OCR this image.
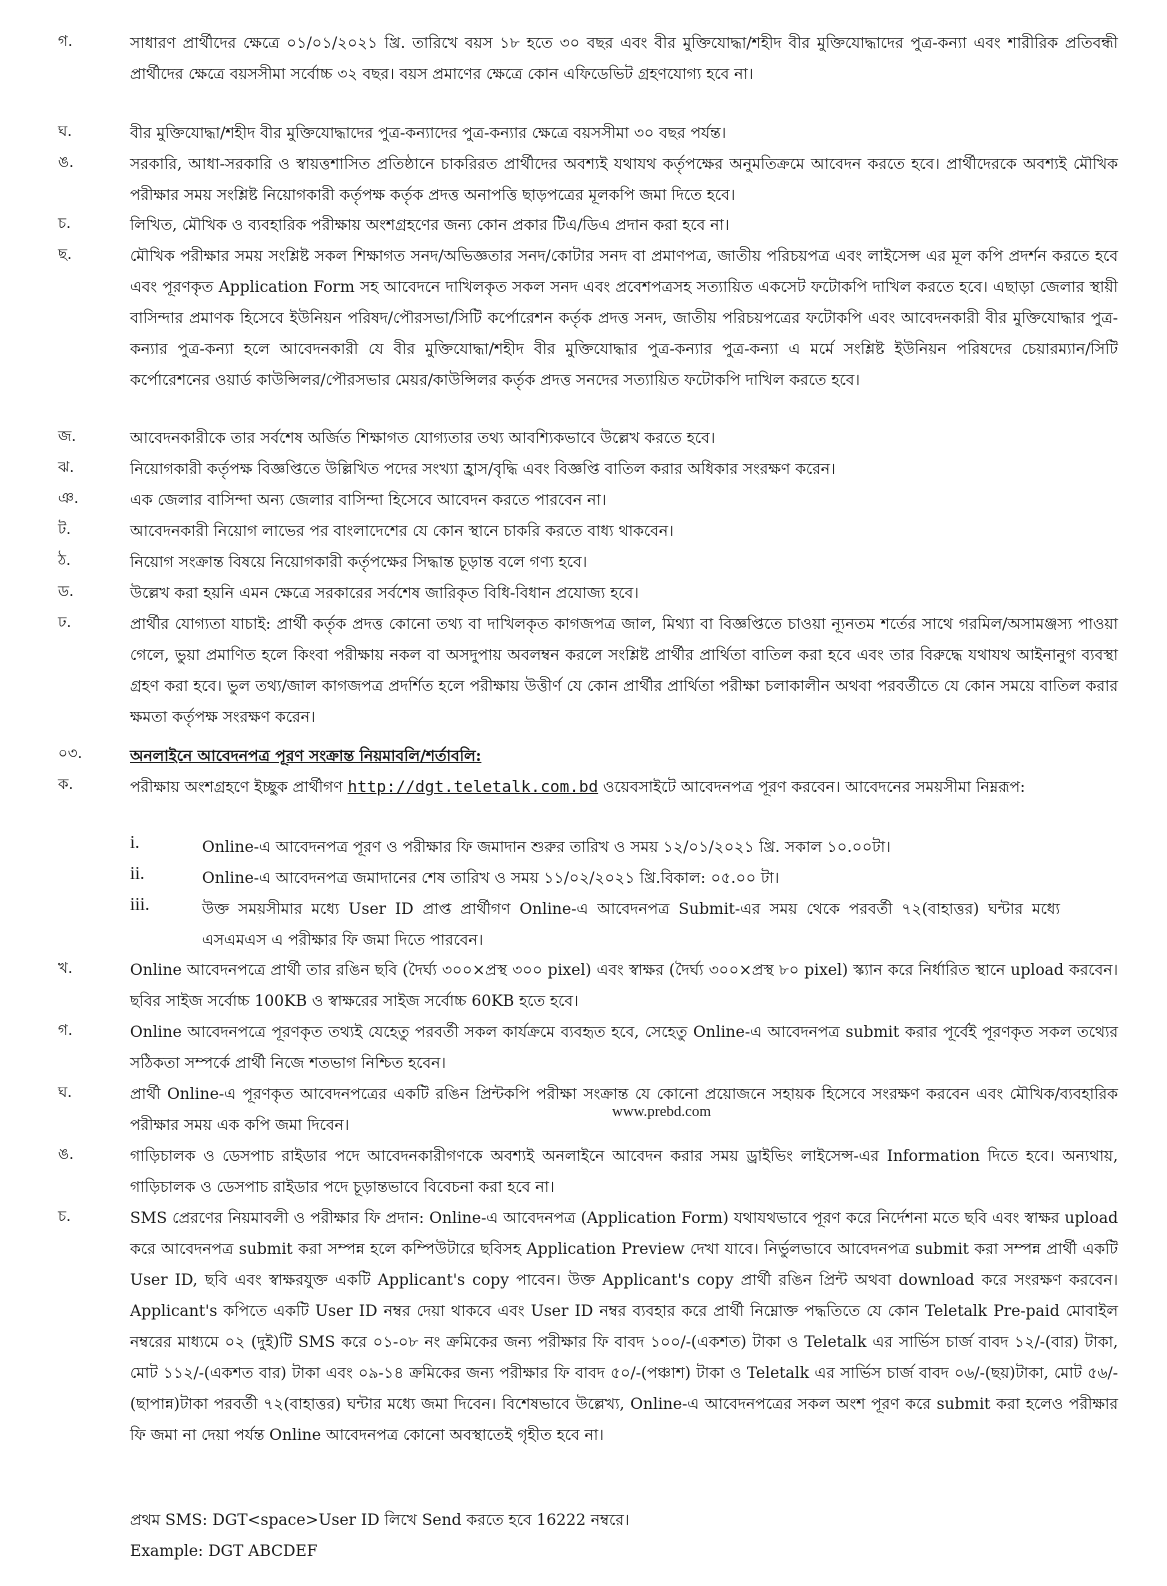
গ.	সাধারণ প্রার্থীদের ক্ষেত্রে ০১/০১/২০২১ খ্রি. তারিখে বয়স ১৮ হতে ৩০ বছর এবং বীর মুক্তিযোদ্ধা/শহীদ বীর মুক্তিযোদ্ধাদের পুত্র-কন্যা এবং শারীরিক প্রতিবন্ধী প্রার্থীদের ক্ষেত্রে বয়সসীমা সর্বোচ্চ ৩২ বছর। বয়স প্রমাণের ক্ষেত্রে কোন এফিডেভিট গ্রহণযোগ্য হবে না।
ঘ.	বীর মুক্তিযোদ্ধা/শহীদ বীর মুক্তিযোদ্ধাদের পুত্র-কন্যাদের পুত্র-কন্যার ক্ষেত্রে বয়সসীমা ৩০ বছর পর্যন্ত।
ঙ.	সরকারি, আধা-সরকারি ও স্বায়ত্তশাসিত প্রতিষ্ঠানে চাকরিরত প্রার্থীদের অবশ্যই যথাযথ কর্তৃপক্ষের অনুমতিক্রমে আবেদন করতে হবে। প্রার্থীদেরকে অবশ্যই মৌখিক পরীক্ষার সময় সংশ্লিষ্ট নিয়োগকারী কর্তৃপক্ষ কর্তৃক প্রদত্ত অনাপত্তি ছাড়পত্রের মূলকপি জমা দিতে হবে।
চ.	লিখিত, মৌখিক ও ব্যবহারিক পরীক্ষায় অংশগ্রহণের জন্য কোন প্রকার টিএ/ডিএ প্রদান করা হবে না।
ছ.	মৌখিক পরীক্ষার সময় সংশ্লিষ্ট সকল শিক্ষাগত সনদ/অভিজ্ঞতার সনদ/কোটার সনদ বা প্রমাণপত্র, জাতীয় পরিচয়পত্র এবং লাইসেন্স এর মূল কপি প্রদর্শন করতে হবে এবং পূরণকৃত Application Form সহ আবেদনে দাখিলকৃত সকল সনদ এবং প্রবেশপত্রসহ সত্যায়িত একসেট ফটোকপি দাখিল করতে হবে। এছাড়া জেলার স্থায়ী বাসিন্দার প্রমাণক হিসেবে ইউনিয়ন পরিষদ/পৌরসভা/সিটি কর্পোরেশন কর্তৃক প্রদত্ত সনদ, জাতীয় পরিচয়পত্রের ফটোকপি এবং আবেদনকারী বীর মুক্তিযোদ্ধার পুত্র-কন্যার পুত্র-কন্যা হলে আবেদনকারী যে বীর মুক্তিযোদ্ধা/শহীদ বীর মুক্তিযোদ্ধার পুত্র-কন্যার পুত্র-কন্যা এ মর্মে সংশ্লিষ্ট ইউনিয়ন পরিষদের চেয়ারম্যান/সিটি কর্পোরেশনের ওয়ার্ড কাউন্সিলর/পৌরসভার মেয়র/কাউন্সিলর কর্তৃক প্রদত্ত সনদের সত্যায়িত ফটোকপি দাখিল করতে হবে।
জ.	আবেদনকারীকে তার সর্বশেষ অর্জিত শিক্ষাগত যোগ্যতার তথ্য আবশ্যিকভাবে উল্লেখ করতে হবে।
ঝ.	নিয়োগকারী কর্তৃপক্ষ বিজ্ঞপ্তিতে উল্লিখিত পদের সংখ্যা হ্রাস/বৃদ্ধি এবং বিজ্ঞপ্তি বাতিল করার অধিকার সংরক্ষণ করেন।
ঞ.	এক জেলার বাসিন্দা অন্য জেলার বাসিন্দা হিসেবে আবেদন করতে পারবেন না।
ট.	আবেদনকারী নিয়োগ লাভের পর বাংলাদেশের যে কোন স্থানে চাকরি করতে বাধ্য থাকবেন।
ঠ.	নিয়োগ সংক্রান্ত বিষয়ে নিয়োগকারী কর্তৃপক্ষের সিদ্ধান্ত চূড়ান্ত বলে গণ্য হবে।
ড.	উল্লেখ করা হয়নি এমন ক্ষেত্রে সরকারের সর্বশেষ জারিকৃত বিধি-বিধান প্রযোজ্য হবে।
ঢ.	প্রার্থীর যোগ্যতা যাচাই: প্রার্থী কর্তৃক প্রদত্ত কোনো তথ্য বা দাখিলকৃত কাগজপত্র জাল, মিথ্যা বা বিজ্ঞপ্তিতে চাওয়া ন্যূনতম শর্তের সাথে গরমিল/অসামঞ্জস্য পাওয়া গেলে, ভুয়া প্রমাণিত হলে কিংবা পরীক্ষায় নকল বা অসদুপায় অবলম্বন করলে সংশ্লিষ্ট প্রার্থীর প্রার্থিতা বাতিল করা হবে এবং তার বিরুদ্ধে যথাযথ আইনানুগ ব্যবস্থা গ্রহণ করা হবে। ভুল তথ্য/জাল কাগজপত্র প্রদর্শিত হলে পরীক্ষায় উত্তীর্ণ যে কোন প্রার্থীর প্রার্থিতা পরীক্ষা চলাকালীন অথবা পরবর্তীতে যে কোন সময়ে বাতিল করার ক্ষমতা কর্তৃপক্ষ সংরক্ষণ করেন।
০৩.	অনলাইনে আবেদনপত্র পূরণ সংক্রান্ত নিয়মাবলি/শর্তাবলি:
ক.	পরীক্ষায় অংশগ্রহণে ইচ্ছুক প্রার্থীগণ http://dgt.teletalk.com.bd ওয়েবসাইটে আবেদনপত্র পূরণ করবেন। আবেদনের সময়সীমা নিম্নরূপ:
i.	Online-এ আবেদনপত্র পূরণ ও পরীক্ষার ফি জমাদান শুরুর তারিখ ও সময় ১২/০১/২০২১ খ্রি. সকাল ১০.০০টা।
ii.	Online-এ আবেদনপত্র জমাদানের শেষ তারিখ ও সময় ১১/০২/২০২১ খ্রি.বিকাল: ০৫.০০ টা।
iii.	উক্ত সময়সীমার মধ্যে User ID প্রাপ্ত প্রার্থীগণ Online-এ আবেদনপত্র Submit-এর সময় থেকে পরবর্তী ৭২(বাহাত্তর) ঘন্টার মধ্যে এসএমএস এ পরীক্ষার ফি জমা দিতে পারবেন।
খ.	Online আবেদনপত্রে প্রার্থী তার রঙিন ছবি (দৈর্ঘ্য ৩০০×প্রস্থ ৩০০ pixel) এবং স্বাক্ষর (দৈর্ঘ্য ৩০০×প্রস্থ ৮০ pixel) স্ক্যান করে নির্ধারিত স্থানে upload করবেন। ছবির সাইজ সর্বোচ্চ 100KB ও স্বাক্ষরের সাইজ সর্বোচ্চ 60KB হতে হবে।
গ.	Online আবেদনপত্রে পূরণকৃত তথ্যই যেহেতু পরবর্তী সকল কার্যক্রমে ব্যবহৃত হবে, সেহেতু Online-এ আবেদনপত্র submit করার পূর্বেই পূরণকৃত সকল তথ্যের সঠিকতা সম্পর্কে প্রার্থী নিজে শতভাগ নিশ্চিত হবেন।
ঘ.	প্রার্থী Online-এ পূরণকৃত আবেদনপত্রের একটি রঙিন প্রিন্টকপি পরীক্ষা সংক্রান্ত যে কোনো প্রয়োজনে সহায়ক হিসেবে সংরক্ষণ করবেন এবং মৌখিক/ব্যবহারিক পরীক্ষার সময় এক কপি জমা দিবেন।
ঙ.	গাড়িচালক ও ডেসপাচ রাইডার পদে আবেদনকারীগণকে অবশ্যই অনলাইনে আবেদন করার সময় ড্রাইভিং লাইসেন্স-এর Information দিতে হবে। অন্যথায়, গাড়িচালক ও ডেসপাচ রাইডার পদে চূড়ান্তভাবে বিবেচনা করা হবে না।
চ.	SMS প্রেরণের নিয়মাবলী ও পরীক্ষার ফি প্রদান: Online-এ আবেদনপত্র (Application Form) যথাযথভাবে পূরণ করে নির্দেশনা মতে ছবি এবং স্বাক্ষর upload করে আবেদনপত্র submit করা সম্পন্ন হলে কম্পিউটারে ছবিসহ Application Preview দেখা যাবে। নির্ভুলভাবে আবেদনপত্র submit করা সম্পন্ন প্রার্থী একটি User ID, ছবি এবং স্বাক্ষরযুক্ত একটি Applicant's copy পাবেন। উক্ত Applicant's copy প্রার্থী রঙিন প্রিন্ট অথবা download করে সংরক্ষণ করবেন। Applicant's কপিতে একটি User ID নম্বর দেয়া থাকবে এবং User ID নম্বর ব্যবহার করে প্রার্থী নিম্নোক্ত পদ্ধতিতে যে কোন Teletalk Pre-paid মোবাইল নম্বরের মাধ্যমে ০২ (দুই)টি SMS করে ০১-০৮ নং ক্রমিকের জন্য পরীক্ষার ফি বাবদ ১০০/-(একশত) টাকা ও Teletalk এর সার্ভিস চার্জ বাবদ ১২/-(বার) টাকা, মোট ১১২/-(একশত বার) টাকা এবং ০৯-১৪ ক্রমিকের জন্য পরীক্ষার ফি বাবদ ৫০/-(পঞ্চাশ) টাকা ও Teletalk এর সার্ভিস চার্জ বাবদ ০৬/-(ছয়)টাকা, মোট ৫৬/-(ছাপান্ন)টাকা পরবর্তী ৭২(বাহাত্তর) ঘন্টার মধ্যে জমা দিবেন। বিশেষভাবে উল্লেখ্য, Online-এ আবেদনপত্রের সকল অংশ পূরণ করে submit করা হলেও পরীক্ষার ফি জমা না দেয়া পর্যন্ত Online আবেদনপত্র কোনো অবস্থাতেই গৃহীত হবে না।
প্রথম SMS: DGT<space>User ID লিখে Send করতে হবে 16222 নম্বরে।
Example: DGT ABCDEF
www.prebd.com
